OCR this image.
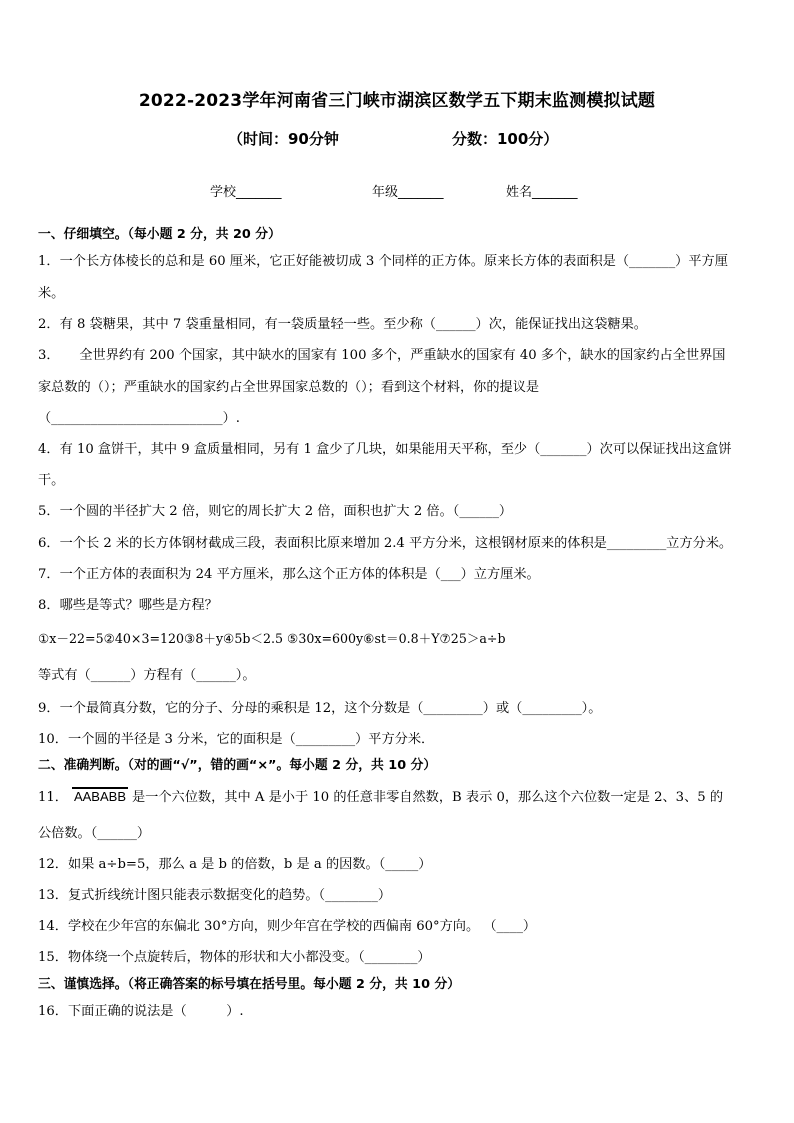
2022-2023学年河南省三门峡市湖滨区数学五下期末监测模拟试题
（时间：90分钟	分数：100分）
学校_______	年级_______	姓名_______
一、仔细填空。（每小题 2 分，共 20 分）
1．一个长方体棱长的总和是 60 厘米，它正好能被切成 3 个同样的正方体。原来长方体的表面积是（_______）平方厘
米。
2．有 8 袋糖果，其中 7 袋重量相同，有一袋质量轻一些。至少称（______）次，能保证找出这袋糖果。
3．　　全世界约有 200 个国家，其中缺水的国家有 100 多个，严重缺水的国家有 40 多个，缺水的国家约占全世界国
家总数的（）；严重缺水的国家约占全世界国家总数的（）；看到这个材料，你的提议是
（__________________________）.
4．有 10 盒饼干，其中 9 盒质量相同，另有 1 盒少了几块，如果能用天平称，至少（_______）次可以保证找出这盒饼
干。
5．一个圆的半径扩大 2 倍，则它的周长扩大 2 倍，面积也扩大 2 倍。（______）
6．一个长 2 米的长方体钢材截成三段，表面积比原来增加 2.4 平方分米，这根钢材原来的体积是_________立方分米。
7．一个正方体的表面积为 24 平方厘米，那么这个正方体的体积是（___）立方厘米。
8．哪些是等式？哪些是方程？
①x－22=5②40×3=120③8＋y④5b＜2.5 ⑤30x=600y⑥st＝0.8＋Y⑦25＞a÷b
等式有（______）方程有（______）。
9．一个最简真分数，它的分子、分母的乘积是 12，这个分数是（_________）或（_________）。
10．一个圆的半径是 3 分米，它的面积是（_________）平方分米．
二、准确判断。（对的画“√”，错的画“×”。每小题 2 分，共 10 分）
11． AABABB 是一个六位数，其中 A 是小于 10 的任意非零自然数，B 表示 0，那么这个六位数一定是 2、3、5 的
公倍数。（______）
12．如果 a÷b=5，那么 a 是 b 的倍数，b 是 a 的因数。（_____）
13．复式折线统计图只能表示数据变化的趋势。（________）
14．学校在少年宫的东偏北 30°方向，则少年宫在学校的西偏南 60°方向。 （____）
15．物体绕一个点旋转后，物体的形状和大小都没变。（________）
三、谨慎选择。（将正确答案的标号填在括号里。每小题 2 分，共 10 分）
16．下面正确的说法是（　　　）.
